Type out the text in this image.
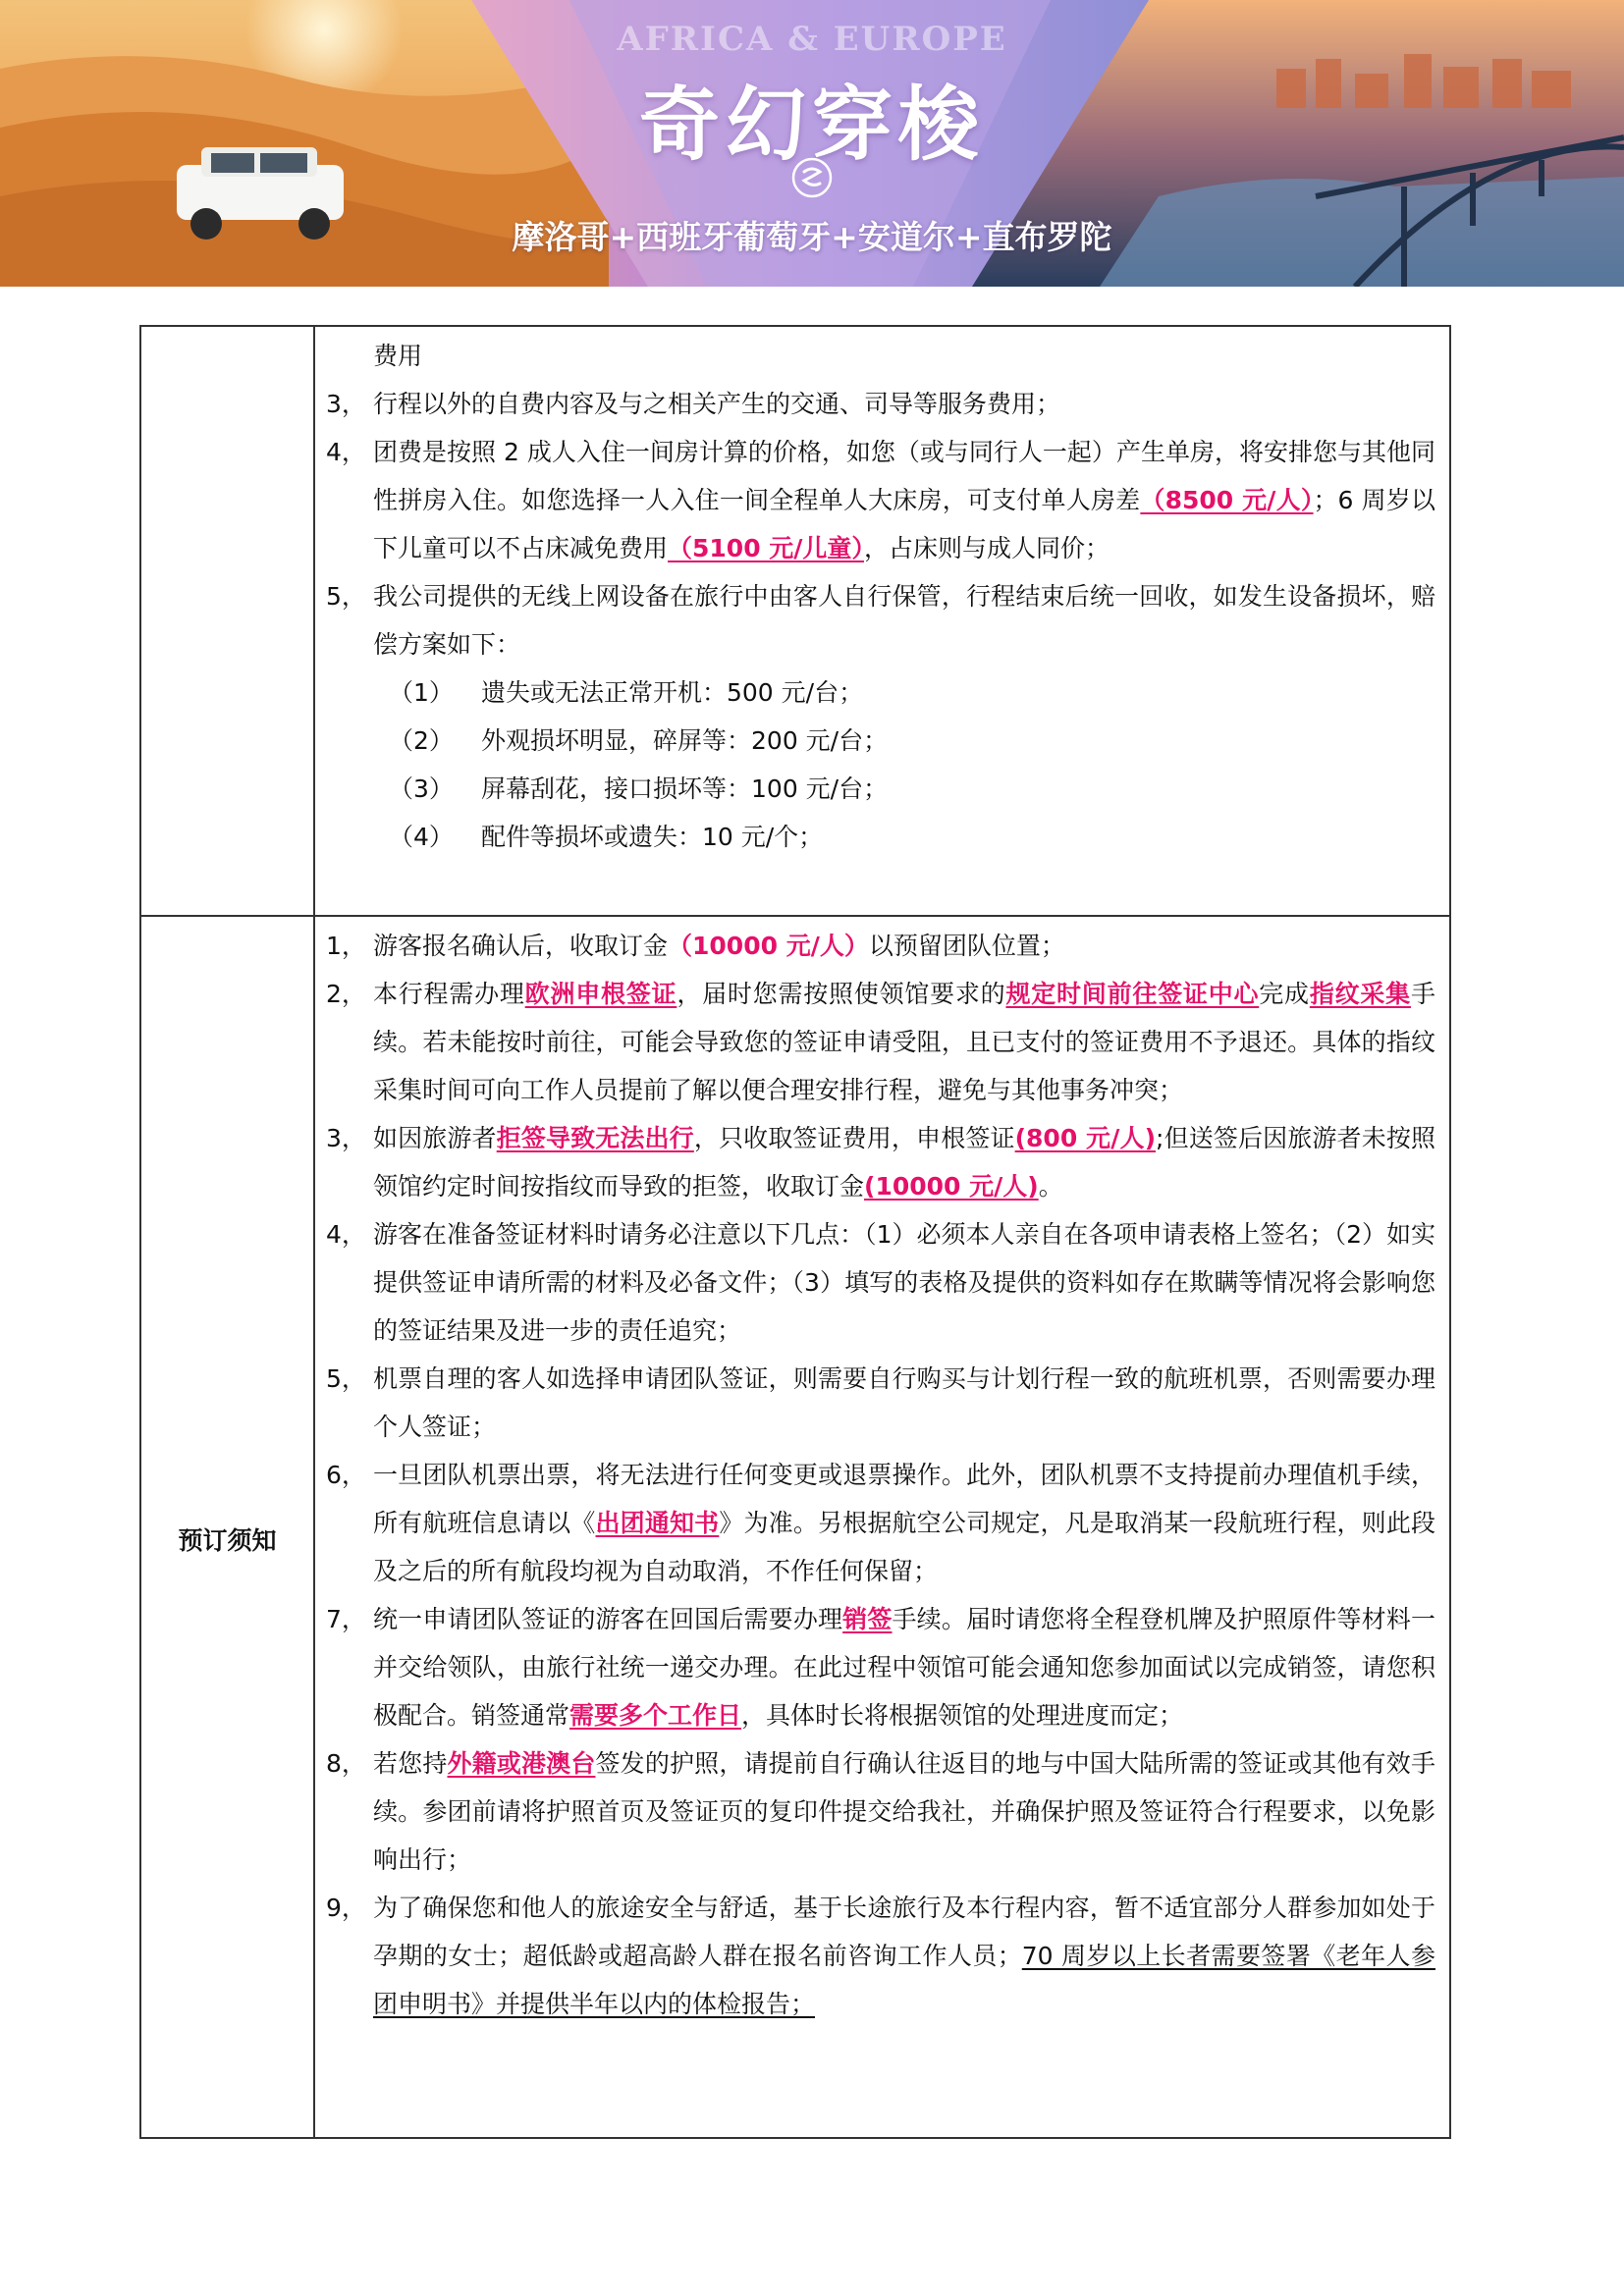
AFRICA & EUROPE
奇幻穿梭
摩洛哥+西班牙葡萄牙+安道尔+直布罗陀
费用
3， 行程以外的自费内容及与之相关产生的交通、司导等服务费用；
4， 团费是按照 2 成人入住一间房计算的价格，如您（或与同行人一起）产生单房，将安排您与其他同性拼房入住。如您选择一人入住一间全程单人大床房，可支付单人房差（8500 元/人）；6 周岁以下儿童可以不占床减免费用（5100 元/儿童），占床则与成人同价；
5， 我公司提供的无线上网设备在旅行中由客人自行保管，行程结束后统一回收，如发生设备损坏，赔偿方案如下：
（1） 遗失或无法正常开机：500 元/台；
（2） 外观损坏明显，碎屏等：200 元/台；
（3） 屏幕刮花，接口损坏等：100 元/台；
（4） 配件等损坏或遗失：10 元/个；
预订须知
1， 游客报名确认后，收取订金（10000 元/人）以预留团队位置；
2， 本行程需办理欧洲申根签证，届时您需按照使领馆要求的规定时间前往签证中心完成指纹采集手续。若未能按时前往，可能会导致您的签证申请受阻，且已支付的签证费用不予退还。具体的指纹采集时间可向工作人员提前了解以便合理安排行程，避免与其他事务冲突；
3， 如因旅游者拒签导致无法出行，只收取签证费用，申根签证(800 元/人);但送签后因旅游者未按照领馆约定时间按指纹而导致的拒签，收取订金(10000 元/人)。
4， 游客在准备签证材料时请务必注意以下几点：（1）必须本人亲自在各项申请表格上签名；（2）如实提供签证申请所需的材料及必备文件；（3）填写的表格及提供的资料如存在欺瞒等情况将会影响您的签证结果及进一步的责任追究；
5， 机票自理的客人如选择申请团队签证，则需要自行购买与计划行程一致的航班机票，否则需要办理个人签证；
6， 一旦团队机票出票，将无法进行任何变更或退票操作。此外，团队机票不支持提前办理值机手续，所有航班信息请以《出团通知书》为准。另根据航空公司规定，凡是取消某一段航班行程，则此段及之后的所有航段均视为自动取消，不作任何保留；
7， 统一申请团队签证的游客在回国后需要办理销签手续。届时请您将全程登机牌及护照原件等材料一并交给领队，由旅行社统一递交办理。在此过程中领馆可能会通知您参加面试以完成销签，请您积极配合。销签通常需要多个工作日，具体时长将根据领馆的处理进度而定；
8， 若您持外籍或港澳台签发的护照，请提前自行确认往返目的地与中国大陆所需的签证或其他有效手续。参团前请将护照首页及签证页的复印件提交给我社，并确保护照及签证符合行程要求，以免影响出行；
9， 为了确保您和他人的旅途安全与舒适，基于长途旅行及本行程内容，暂不适宜部分人群参加如处于孕期的女士；超低龄或超高龄人群在报名前咨询工作人员；70 周岁以上长者需要签署《老年人参团申明书》并提供半年以内的体检报告；
